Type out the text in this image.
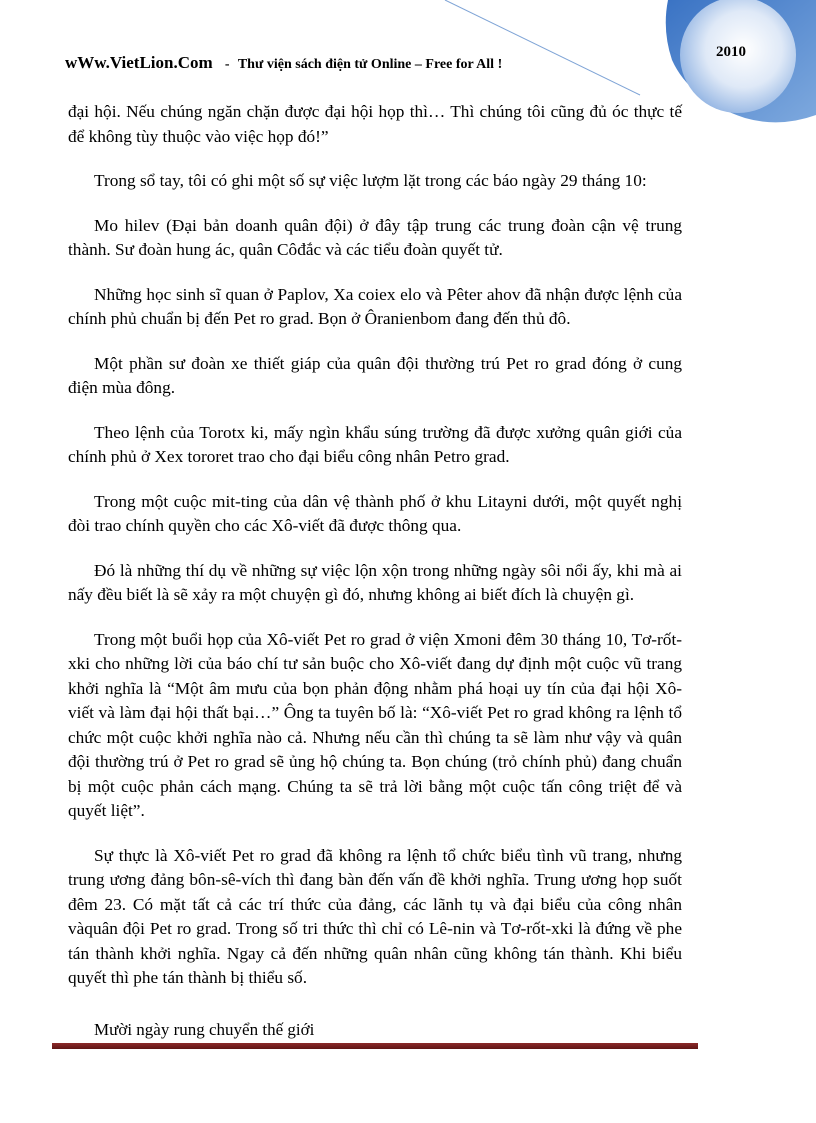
wWw.VietLion.Com - Thư viện sách điện tử Online – Free for All !
2010

đại hội. Nếu chúng ngăn chặn được đại hội họp thì… Thì chúng tôi cũng đủ óc thực tế để không tùy thuộc vào việc họp đó!”

Trong sổ tay, tôi có ghi một số sự việc lượm lặt trong các báo ngày 29 tháng 10:

Mo hilev (Đại bản doanh quân đội) ở đây tập trung các trung đoàn cận vệ trung thành. Sư đoàn hung ác, quân Côđắc và các tiểu đoàn quyết tử.

Những học sinh sĩ quan ở Paplov, Xa coiex elo và Pêter ahov đã nhận được lệnh của chính phủ chuẩn bị đến Pet ro grad. Bọn ở Ôranienbom đang đến thủ đô.

Một phần sư đoàn xe thiết giáp của quân đội thường trú Pet ro grad đóng ở cung điện mùa đông.

Theo lệnh của Torotx ki, mấy ngìn khẩu súng trường đã được xưởng quân giới của chính phủ ở Xex tororet trao cho đại biểu công nhân Petro grad.

Trong một cuộc mit-ting của dân vệ thành phố ở khu Litayni dưới, một quyết nghị đòi trao chính quyền cho các Xô-viết đã được thông qua.

Đó là những thí dụ về những sự việc lộn xộn trong những ngày sôi nổi ấy, khi mà ai nấy đều biết là sẽ xảy ra một chuyện gì đó, nhưng không ai biết đích là chuyện gì.

Trong một buổi họp của Xô-viết Pet ro grad ở viện Xmoni đêm 30 tháng 10, Tơ-rốt-xki cho những lời của báo chí tư sản buộc cho Xô-viết đang dự định một cuộc vũ trang khởi nghĩa là “Một âm mưu của bọn phản động nhằm phá hoại uy tín của đại hội Xô-viết và làm đại hội thất bại…” Ông ta tuyên bố là: “Xô-viết Pet ro grad không ra lệnh tổ chức một cuộc khởi nghĩa nào cả. Nhưng nếu cần thì chúng ta sẽ làm như vậy và quân đội thường trú ở Pet ro grad sẽ ủng hộ chúng ta. Bọn chúng (trỏ chính phủ) đang chuẩn bị một cuộc phản cách mạng. Chúng ta sẽ trả lời bằng một cuộc tấn công triệt để và quyết liệt”.

Sự thực là Xô-viết Pet ro grad đã không ra lệnh tổ chức biểu tình vũ trang, nhưng trung ương đảng bôn-sê-vích thì đang bàn đến vấn đề khởi nghĩa. Trung ương họp suốt đêm 23. Có mặt tất cả các trí thức của đảng, các lãnh tụ và đại biểu của công nhân vàquân đội Pet ro grad. Trong số tri thức thì chỉ có Lê-nin và Tơ-rốt-xki là đứng về phe tán thành khởi nghĩa. Ngay cả đến những quân nhân cũng không tán thành. Khi biểu quyết thì phe tán thành bị thiểu số.

Mười ngày rung chuyển thế giới
